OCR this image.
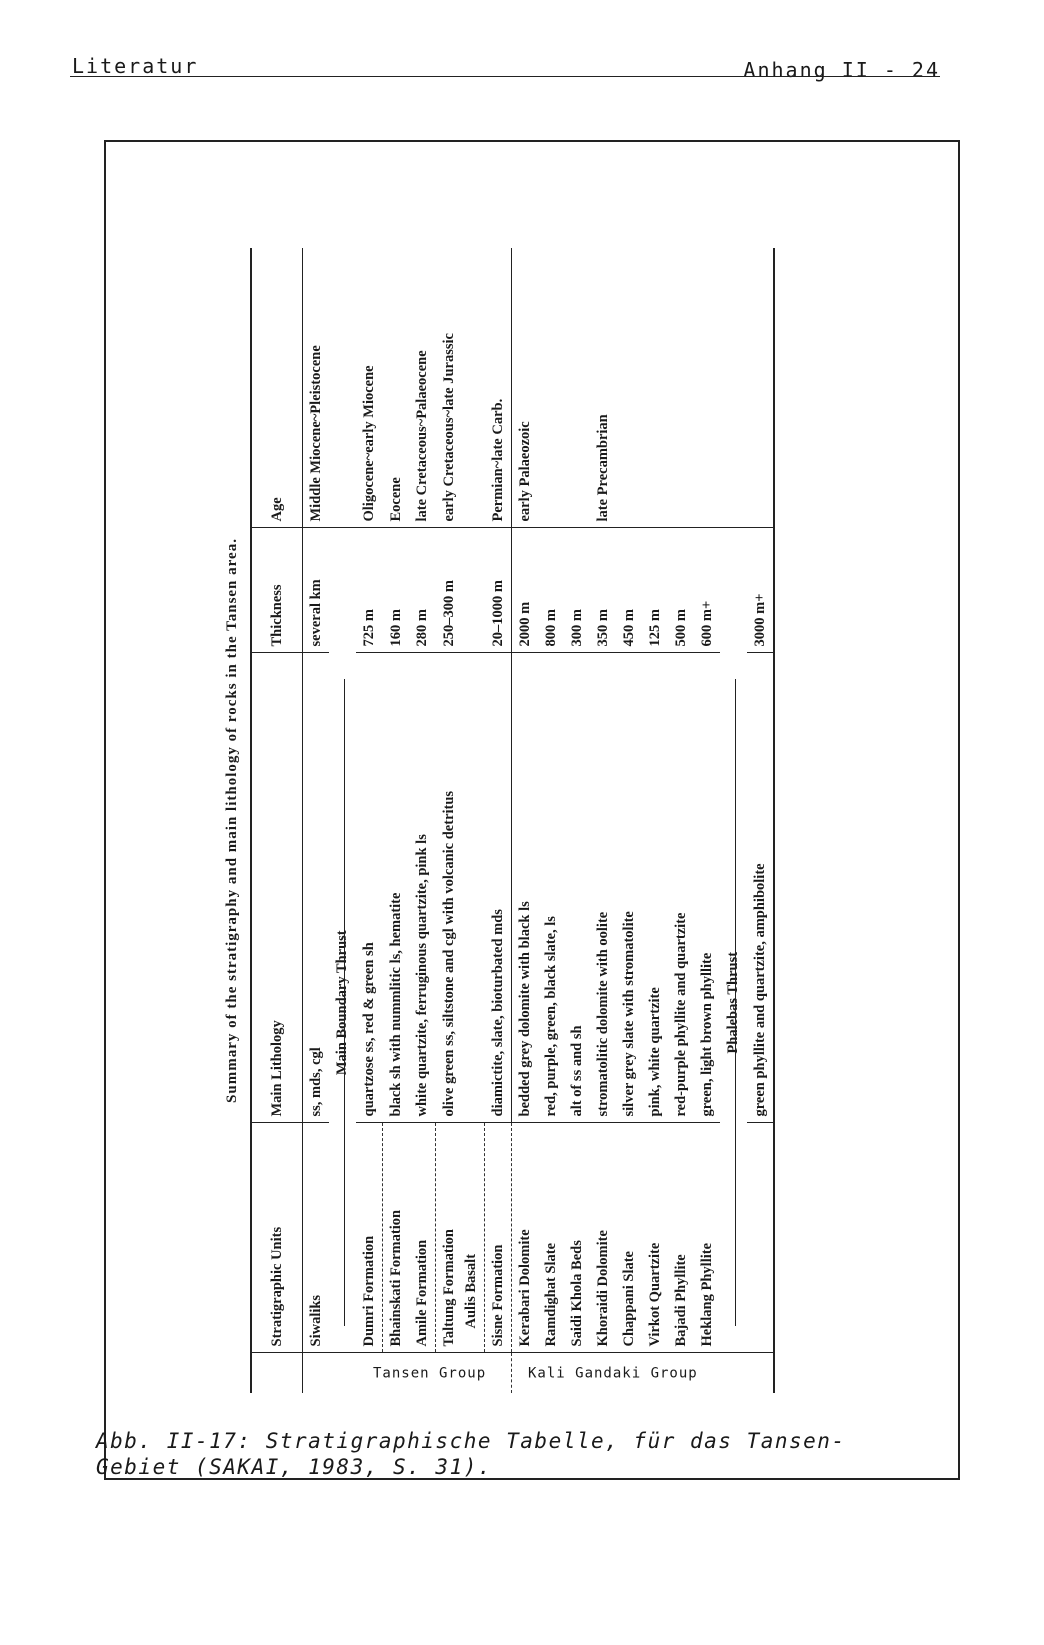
Literatur	Anhang II - 24
Summary of the stratigraphy and main lithology of rocks in the Tansen area.
	Stratigraphic Units	Main Lithology	Thickness	Age
	Siwaliks	ss, mds, cgl	several km	Middle Miocene~Pleistocene
	Main Boundary Thrust	

Tansen Group	Dumri Formation	quartzose ss, red & green sh	725 m	Oligocene~early Miocene
	Bhainskati Formation	black sh with nummlitic ls, hematite	160 m	Eocene
	Amile Formation	white quartzite, ferruginous quartzite, pink ls	280 m	late Cretaceous~Palaeocene

	Taltung Formation Aulis Basalt	olive green ss, siltstone and cgl with volcanic detritus	250–300 m	early Cretaceous~late Jurassic
	Sisne Formation	diamictite, slate, bioturbated mds	20–1000 m	Permian~late Carb.
Kali Gandaki Group	Kerabari Dolomite	bedded grey dolomite with black ls	2000 m	early Palaeozoic
	Ramdighat Slate	red, purple, green, black slate, ls	800 m	
	Saidi Khola Beds	alt of ss and sh	300 m	
	Khoraidi Dolomite	stromatolitic dolomite with oolite	350 m	late Precambrian
	Chappani Slate	silver grey slate with stromatolite	450 m	
	Virkot Quartzite	pink, white quartzite	125 m	
	Bajadi Phyllite	red-purple phyllite and quartzite	500 m	
	Heklang Phyllite	green, light brown phyllite	600 m+	
	Phalebas Thrust	

		green phyllite and quartzite, amphibolite	3000 m+	
Abb. II-17: Stratigraphische Tabelle, für das Tansen-Gebiet (SAKAI, 1983, S. 31).
